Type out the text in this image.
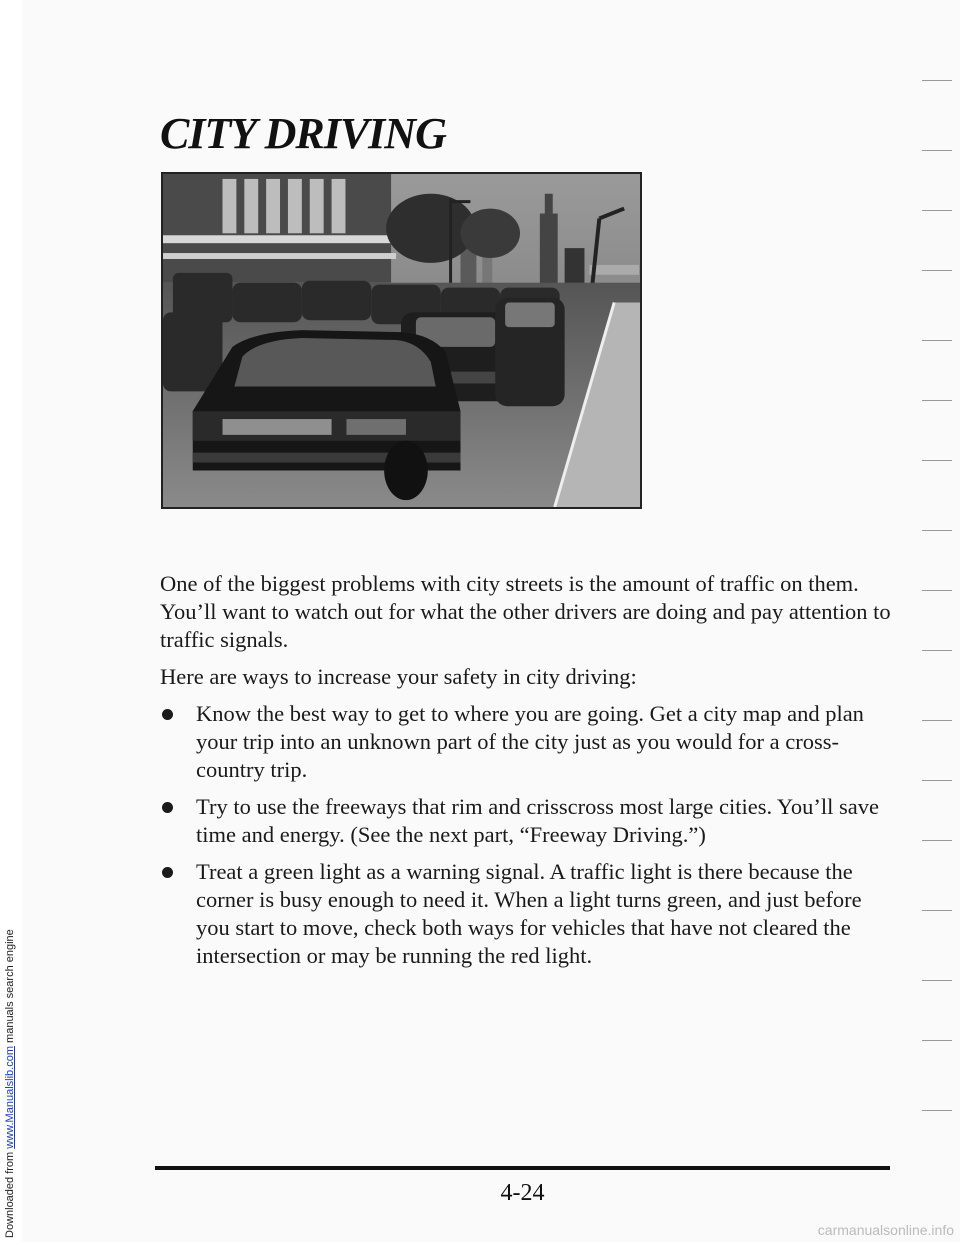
Downloaded from www.Manualslib.com manuals search engine
CITY DRIVING

One of the biggest problems with city streets is the amount of traffic on them. You’ll want to watch out for what the other drivers are doing and pay attention to traffic signals.

Here are ways to increase your safety in city driving:

Know the best way to get to where you are going. Get a city map and plan your trip into an unknown part of the city just as you would for a cross-country trip.
Try to use the freeways that rim and crisscross most large cities. You’ll save time and energy. (See the next part, “Freeway Driving.”)
Treat a green light as a warning signal. A traffic light is there because the corner is busy enough to need it. When a light turns green, and just before you start to move, check both ways for vehicles that have not cleared the intersection or may be running the red light.
4-24
carmanualsonline.info
